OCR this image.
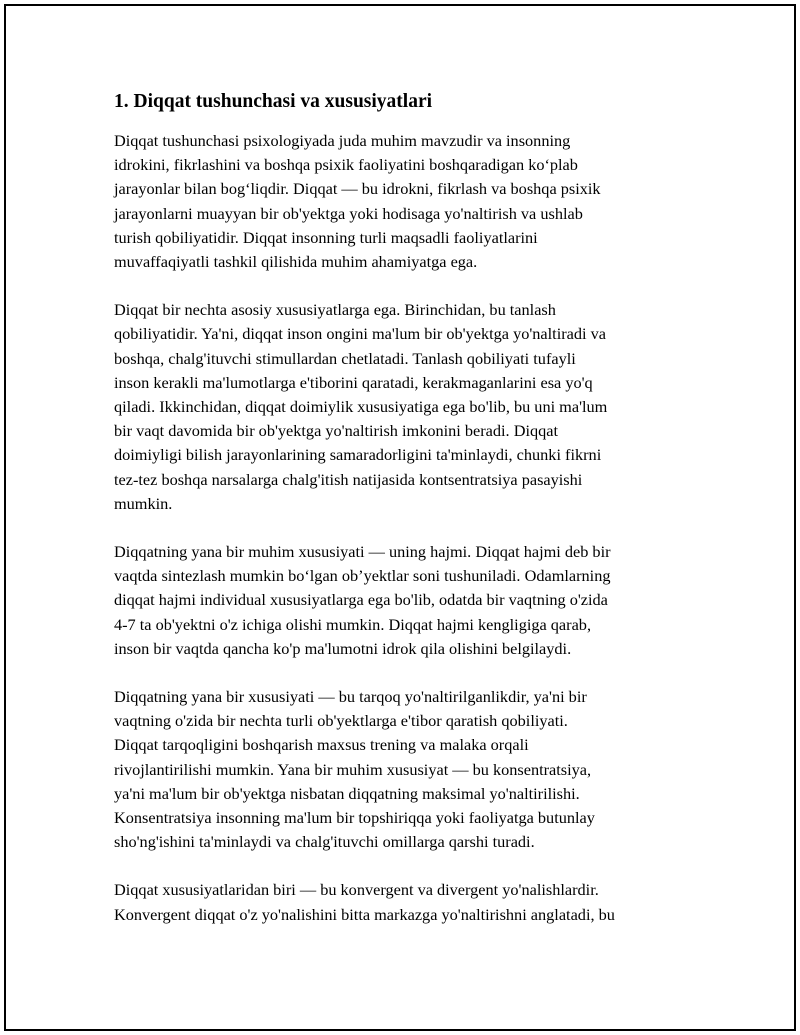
1. Diqqat tushunchasi va xususiyatlari
Diqqat tushunchasi psixologiyada juda muhim mavzudir va insonning
idrokini, fikrlashini va boshqa psixik faoliyatini boshqaradigan ko‘plab
jarayonlar bilan bog‘liqdir. Diqqat — bu idrokni, fikrlash va boshqa psixik
jarayonlarni muayyan bir ob'yektga yoki hodisaga yo'naltirish va ushlab
turish qobiliyatidir. Diqqat insonning turli maqsadli faoliyatlarini
muvaffaqiyatli tashkil qilishida muhim ahamiyatga ega.
Diqqat bir nechta asosiy xususiyatlarga ega. Birinchidan, bu tanlash
qobiliyatidir. Ya'ni, diqqat inson ongini ma'lum bir ob'yektga yo'naltiradi va
boshqa, chalg'ituvchi stimullardan chetlatadi. Tanlash qobiliyati tufayli
inson kerakli ma'lumotlarga e'tiborini qaratadi, kerakmaganlarini esa yo'q
qiladi. Ikkinchidan, diqqat doimiylik xususiyatiga ega bo'lib, bu uni ma'lum
bir vaqt davomida bir ob'yektga yo'naltirish imkonini beradi. Diqqat
doimiyligi bilish jarayonlarining samaradorligini ta'minlaydi, chunki fikrni
tez-tez boshqa narsalarga chalg'itish natijasida kontsentratsiya pasayishi
mumkin.
Diqqatning yana bir muhim xususiyati — uning hajmi. Diqqat hajmi deb bir
vaqtda sintezlash mumkin bo‘lgan ob’yektlar soni tushuniladi. Odamlarning
diqqat hajmi individual xususiyatlarga ega bo'lib, odatda bir vaqtning o'zida
4-7 ta ob'yektni o'z ichiga olishi mumkin. Diqqat hajmi kengligiga qarab,
inson bir vaqtda qancha ko'p ma'lumotni idrok qila olishini belgilaydi.
Diqqatning yana bir xususiyati — bu tarqoq yo'naltirilganlikdir, ya'ni bir
vaqtning o'zida bir nechta turli ob'yektlarga e'tibor qaratish qobiliyati.
Diqqat tarqoqligini boshqarish maxsus trening va malaka orqali
rivojlantirilishi mumkin. Yana bir muhim xususiyat — bu konsentratsiya,
ya'ni ma'lum bir ob'yektga nisbatan diqqatning maksimal yo'naltirilishi.
Konsentratsiya insonning ma'lum bir topshiriqqa yoki faoliyatga butunlay
sho'ng'ishini ta'minlaydi va chalg'ituvchi omillarga qarshi turadi.
Diqqat xususiyatlaridan biri — bu konvergent va divergent yo'nalishlardir.
Konvergent diqqat o'z yo'nalishini bitta markazga yo'naltirishni anglatadi, bu
